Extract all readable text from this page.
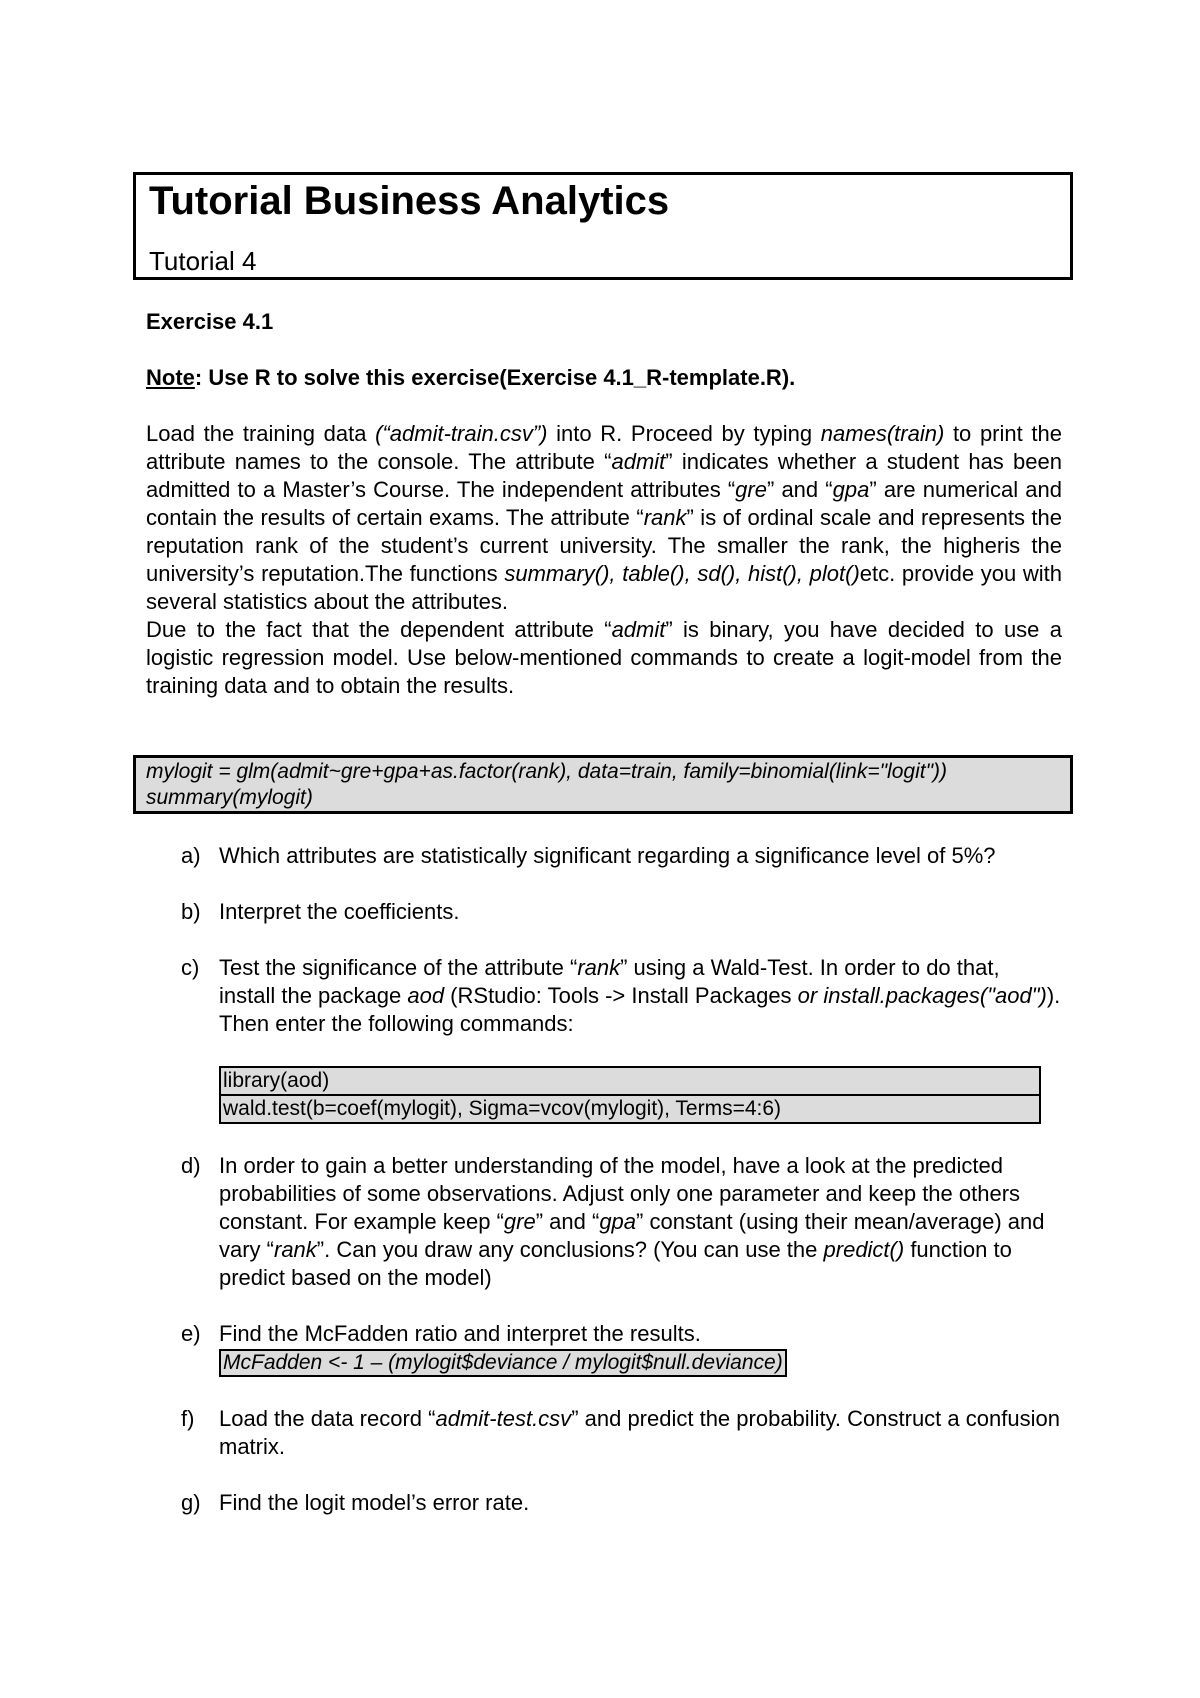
Tutorial Business Analytics
Tutorial 4

Exercise 4.1

Note: Use R to solve this exercise(Exercise 4.1_R-template.R).

Load the training data (“admit-train.csv”) into R. Proceed by typing names(train) to print the attribute names to the console. The attribute “admit” indicates whether a student has been admitted to a Master’s Course. The independent attributes “gre” and “gpa” are numerical and contain the results of certain exams. The attribute “rank” is of ordinal scale and represents the reputation rank of the student’s current university. The smaller the rank, the higheris the university’s reputation.The functions summary(), table(), sd(), hist(), plot()etc. provide you with several statistics about the attributes.

Due to the fact that the dependent attribute “admit” is binary, you have decided to use a logistic regression model. Use below-mentioned commands to create a logit-model from the training data and to obtain the results.

mylogit = glm(admit~gre+gpa+as.factor(rank), data=train, family=binomial(link="logit"))
summary(mylogit)
a) Which attributes are statistically significant regarding a significance level of 5%?
b) Interpret the coefficients.
c) Test the significance of the attribute “rank” using a Wald-Test. In order to do that, install the package aod (RStudio: Tools -> Install Packages or install.packages("aod")). Then enter the following commands:
library(aod)
wald.test(b=coef(mylogit), Sigma=vcov(mylogit), Terms=4:6)
d) In order to gain a better understanding of the model, have a look at the predicted probabilities of some observations. Adjust only one parameter and keep the others constant. For example keep “gre” and “gpa” constant (using their mean/average) and vary “rank”. Can you draw any conclusions? (You can use the predict() function to predict based on the model)
e) Find the McFadden ratio and interpret the results.
McFadden <- 1 – (mylogit$deviance / mylogit$null.deviance)
f) Load the data record “admit-test.csv” and predict the probability. Construct a confusion matrix.
g) Find the logit model’s error rate.
